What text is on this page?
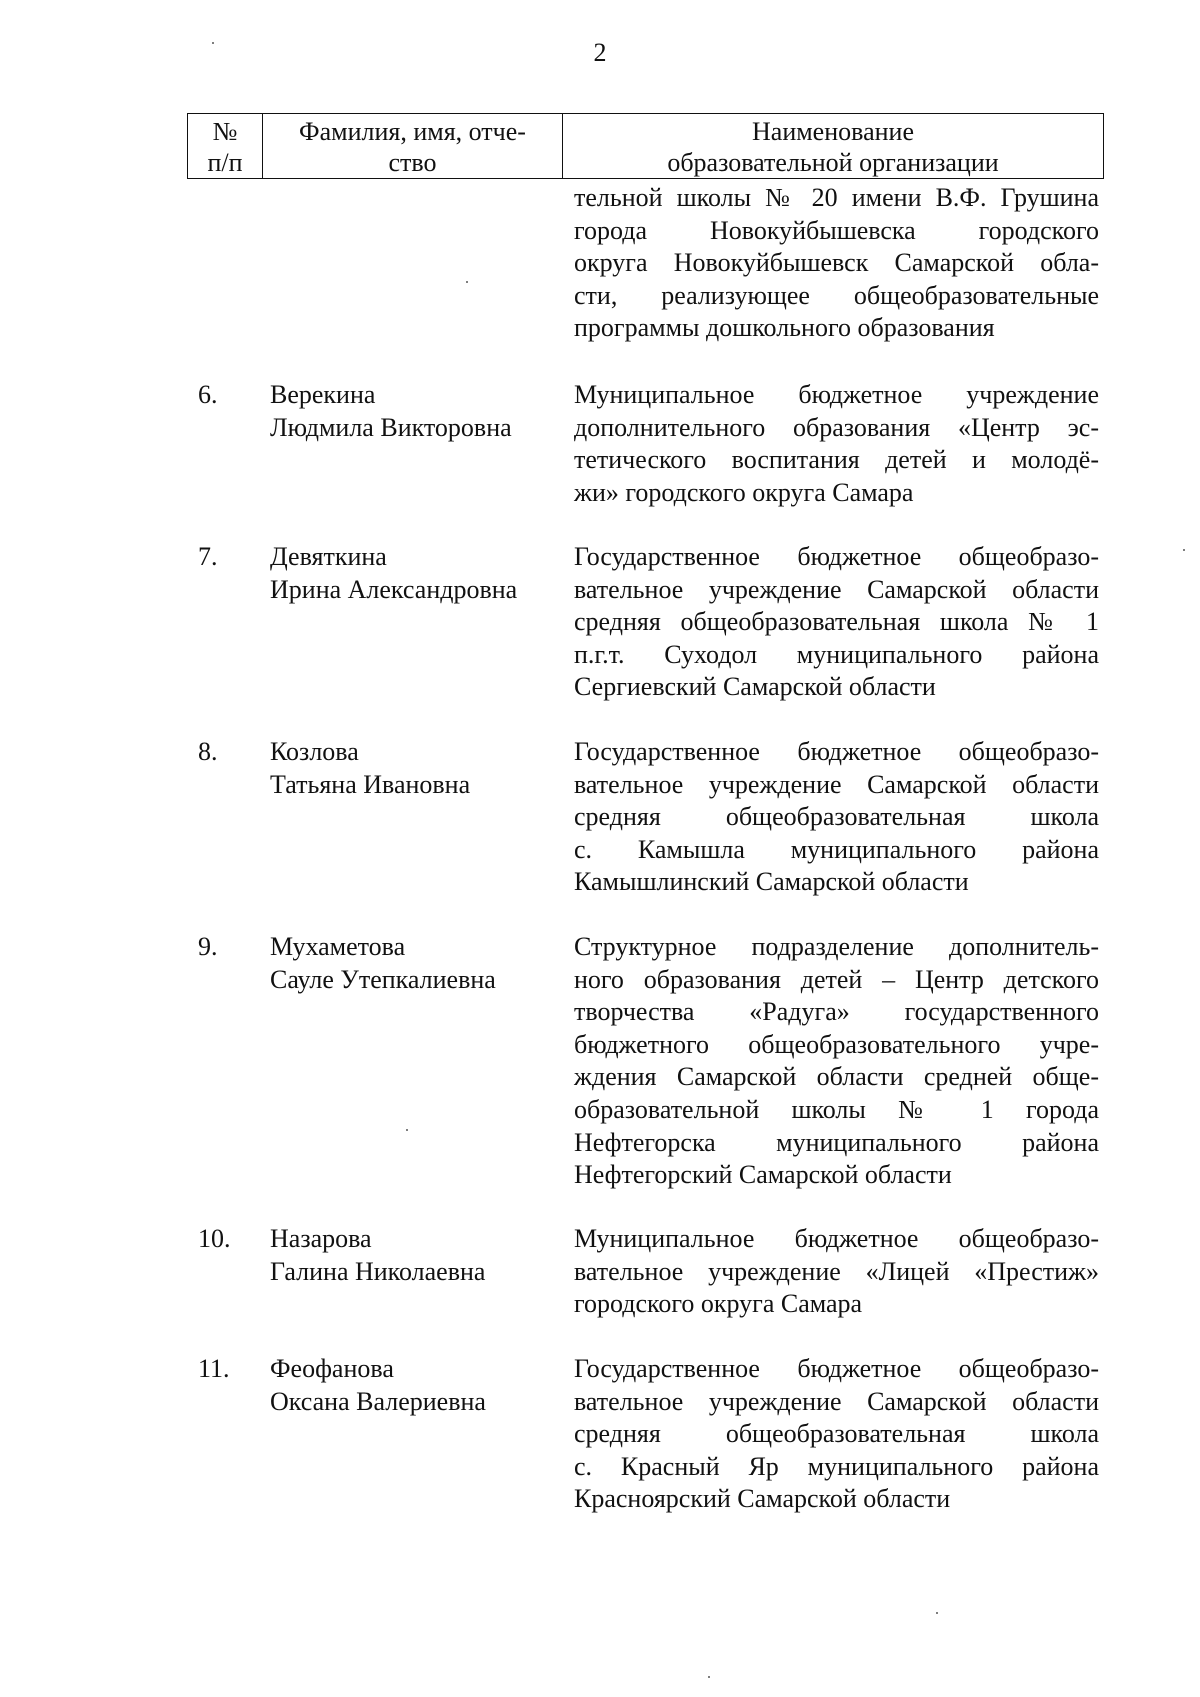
2
№
п/п
Фамилия, имя, отче-
ство
Наименование
образовательной организации
тельной школы № 20 имени В.Ф. Грушина
города Новокуйбышевска городского
округа Новокуйбышевск Самарской обла-
сти, реализующее общеобразовательные
программы дошкольного образования
6. Верекина
Людмила Викторовна
Муниципальное бюджетное учреждение
дополнительного образования «Центр эс-
тетического воспитания детей и молодё-
жи» городского округа Самара
7. Девяткина
Ирина Александровна
Государственное бюджетное общеобразо-
вательное учреждение Самарской области
средняя общеобразовательная школа № 1
п.г.т. Суходол муниципального района
Сергиевский Самарской области
8. Козлова
Татьяна Ивановна
Государственное бюджетное общеобразо-
вательное учреждение Самарской области
средняя общеобразовательная школа
с. Камышла муниципального района
Камышлинский Самарской области
9. Мухаметова
Сауле Утепкалиевна
Структурное подразделение дополнитель-
ного образования детей – Центр детского
творчества «Радуга» государственного
бюджетного общеобразовательного учре-
ждения Самарской области средней обще-
образовательной школы № 1 города
Нефтегорска муниципального района
Нефтегорский Самарской области
10. Назарова
Галина Николаевна
Муниципальное бюджетное общеобразо-
вательное учреждение «Лицей «Престиж»
городского округа Самара
11. Феофанова
Оксана Валериевна
Государственное бюджетное общеобразо-
вательное учреждение Самарской области
средняя общеобразовательная школа
с. Красный Яр муниципального района
Красноярский Самарской области
